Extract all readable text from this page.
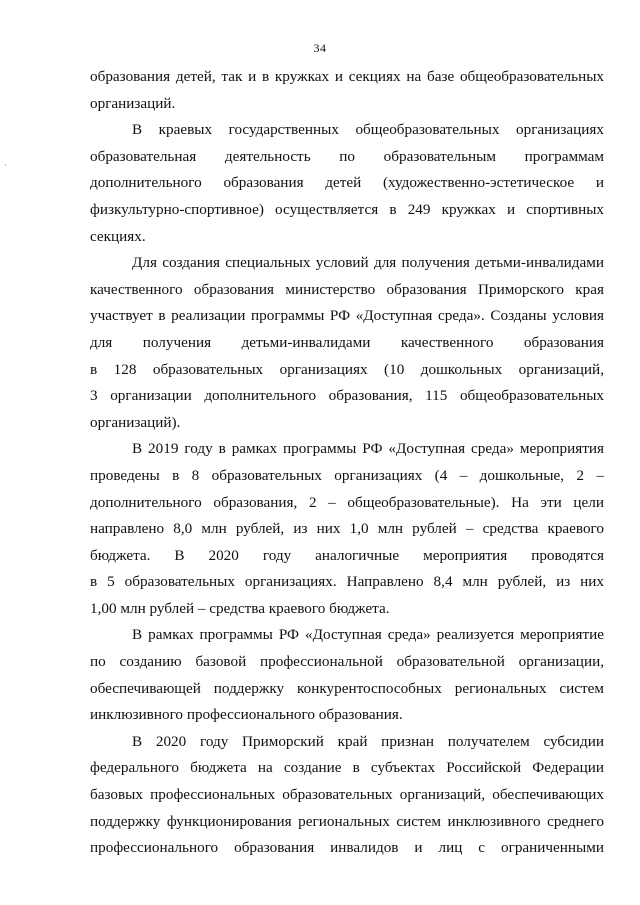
34
·

образования детей, так и в кружках и секциях на базе общеобразовательных
организаций.

В краевых государственных общеобразовательных организациях
образовательная деятельность по образовательным программам
дополнительного образования детей (художественно-эстетическое и
физкультурно-спортивное) осуществляется в 249 кружках и спортивных
секциях.

Для создания специальных условий для получения детьми-инвалидами
качественного образования министерство образования Приморского края
участвует в реализации программы РФ «Доступная среда». Созданы условия
для получения детьми-инвалидами качественного образования
в 128 образовательных организациях (10 дошкольных организаций,
3 организации дополнительного образования, 115 общеобразовательных
организаций).

В 2019 году в рамках программы РФ «Доступная среда» мероприятия
проведены в 8 образовательных организациях (4 – дошкольные, 2 –
дополнительного образования, 2 – общеобразовательные). На эти цели
направлено 8,0 млн рублей, из них 1,0 млн рублей – средства краевого
бюджета. В 2020 году аналогичные мероприятия проводятся
в 5 образовательных организациях. Направлено 8,4 млн рублей, из них
1,00 млн рублей – средства краевого бюджета.

В рамках программы РФ «Доступная среда» реализуется мероприятие
по созданию базовой профессиональной образовательной организации,
обеспечивающей поддержку конкурентоспособных региональных систем
инклюзивного профессионального образования.

В 2020 году Приморский край признан получателем субсидии
федерального бюджета на создание в субъектах Российской Федерации
базовых профессиональных образовательных организаций, обеспечивающих
поддержку функционирования региональных систем инклюзивного среднего
профессионального образования инвалидов и лиц с ограниченными
